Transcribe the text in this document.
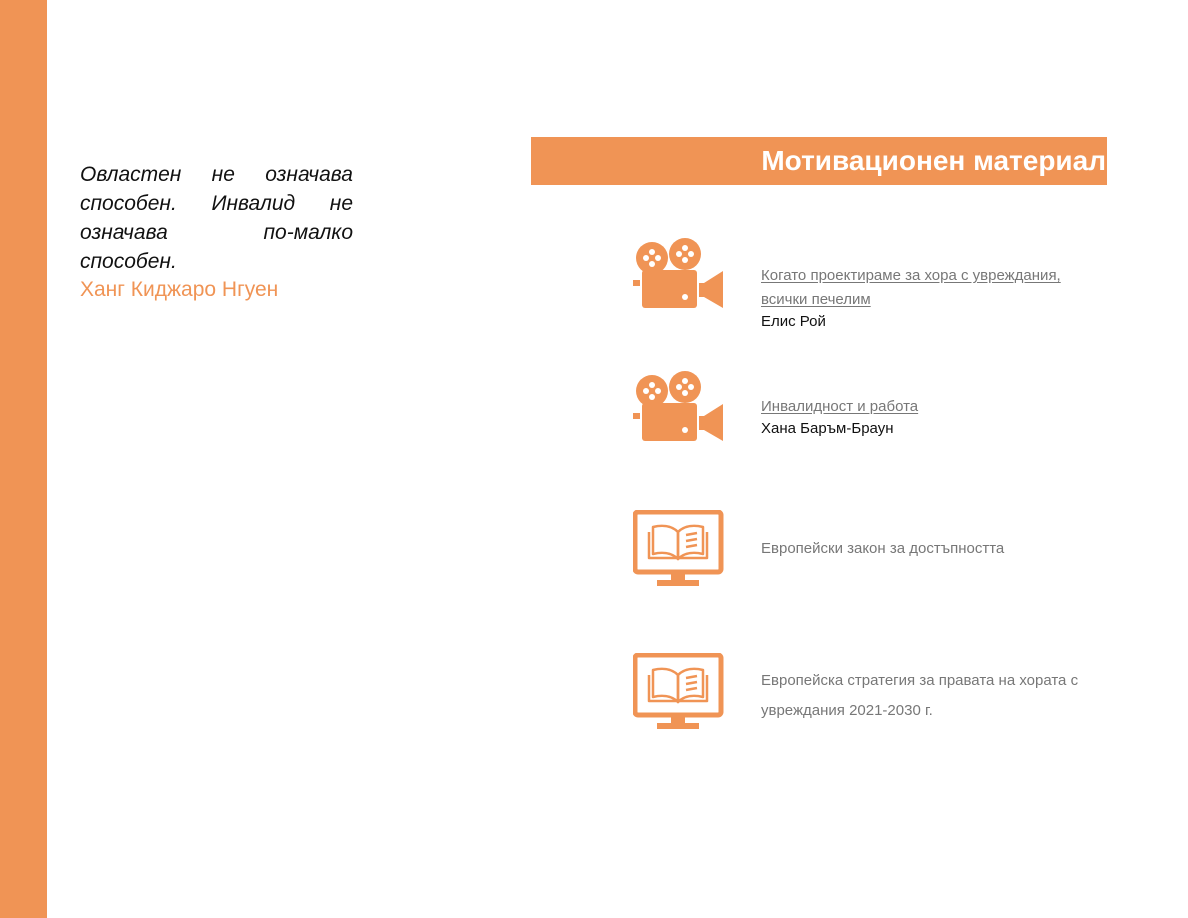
Овластен не означава способен. Инвалид не означава по-малко способен.
Ханг Киджаро Нгуен
Мотивационен материал
Когато проектираме за хора с увреждания, всички печелим
Елис Рой
Инвалидност и работа
Хана Баръм-Браун
Европейски закон за достъпността
Европейска стратегия за правата на хората с увреждания 2021-2030 г.
